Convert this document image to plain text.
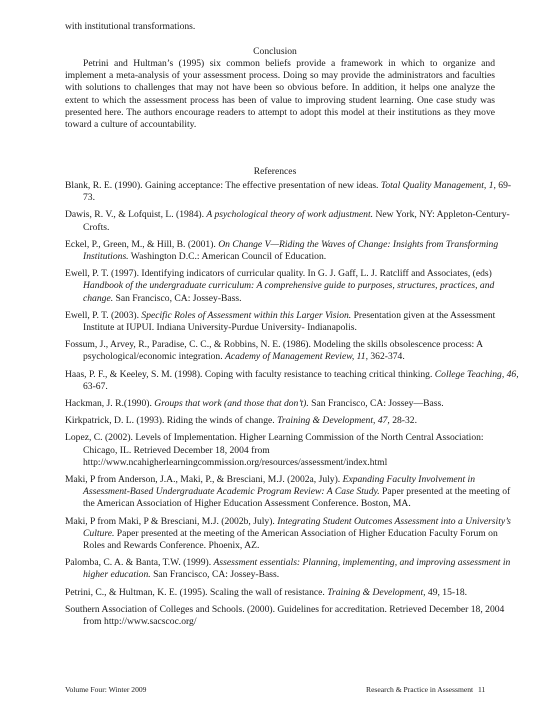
with institutional transformations.
Conclusion
Petrini and Hultman’s (1995) six common beliefs provide a framework in which to organize and implement a meta-analysis of your assessment process. Doing so may provide the administrators and faculties with solutions to challenges that may not have been so obvious before. In addition, it helps one analyze the extent to which the assessment process has been of value to improving student learning. One case study was presented here. The authors encourage readers to attempt to adopt this model at their institutions as they move toward a culture of accountability.
References
Blank, R. E. (1990). Gaining acceptance: The effective presentation of new ideas. Total Quality Management, 1, 69-73.
Dawis, R. V., & Lofquist, L. (1984). A psychological theory of work adjustment. New York, NY: Appleton-Century-Crofts.
Eckel, P., Green, M., & Hill, B. (2001). On Change V—Riding the Waves of Change: Insights from Transforming Institutions. Washington D.C.: American Council of Education.
Ewell, P. T. (1997). Identifying indicators of curricular quality. In G. J. Gaff, L. J. Ratcliff and Associates, (eds) Handbook of the undergraduate curriculum: A comprehensive guide to purposes, structures, practices, and change. San Francisco, CA: Jossey-Bass.
Ewell, P. T. (2003). Specific Roles of Assessment within this Larger Vision. Presentation given at the Assessment Institute at IUPUI. Indiana University-Purdue University- Indianapolis.
Fossum, J., Arvey, R., Paradise, C. C., & Robbins, N. E. (1986). Modeling the skills obsolescence process: A psychological/economic integration. Academy of Management Review, 11, 362-374.
Haas, P. F., & Keeley, S. M. (1998). Coping with faculty resistance to teaching critical thinking. College Teaching, 46, 63-67.
Hackman, J. R.(1990). Groups that work (and those that don’t). San Francisco, CA: Jossey—Bass.
Kirkpatrick, D. L. (1993). Riding the winds of change. Training & Development, 47, 28-32.
Lopez, C. (2002). Levels of Implementation. Higher Learning Commission of the North Central Association: Chicago, IL. Retrieved December 18, 2004 from http://www.ncahigherlearningcommission.org/resources/assessment/index.html
Maki, P from Anderson, J.A., Maki, P., & Bresciani, M.J. (2002a, July). Expanding Faculty Involvement in Assessment-Based Undergraduate Academic Program Review: A Case Study. Paper presented at the meeting of the American Association of Higher Education Assessment Conference. Boston, MA.
Maki, P from Maki, P & Bresciani, M.J. (2002b, July). Integrating Student Outcomes Assessment into a University’s Culture. Paper presented at the meeting of the American Association of Higher Education Faculty Forum on Roles and Rewards Conference. Phoenix, AZ.
Palomba, C. A. & Banta, T.W. (1999). Assessment essentials: Planning, implementing, and improving assessment in higher education. San Francisco, CA: Jossey-Bass.
Petrini, C., & Hultman, K. E. (1995). Scaling the wall of resistance. Training & Development, 49, 15-18.
Southern Association of Colleges and Schools. (2000). Guidelines for accreditation. Retrieved December 18, 2004 from http://www.sacscoc.org/
Volume Four: Winter 2009	Research & Practice in Assessment 11
